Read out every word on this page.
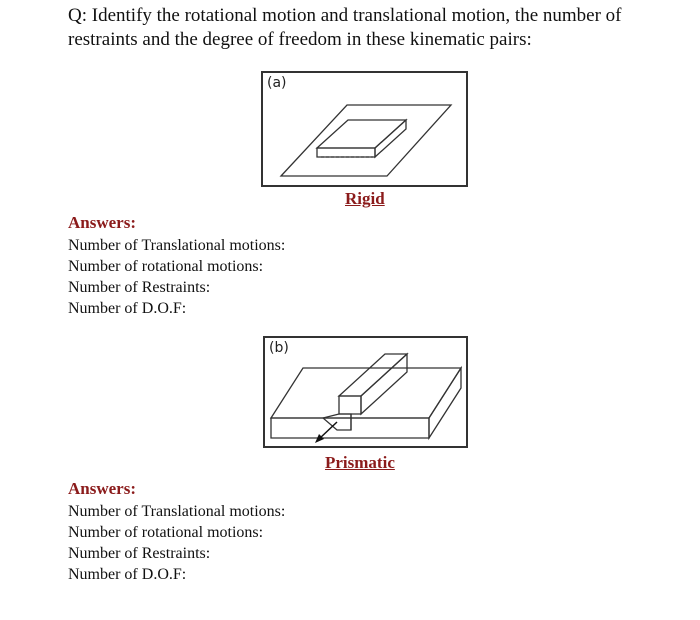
Q: Identify the rotational motion and translational motion, the number of restraints and the degree of freedom in these kinematic pairs:
(a)
Rigid
Answers:
Number of Translational motions:
Number of rotational motions:
Number of Restraints:
Number of D.O.F:
(b)
Prismatic
Answers:
Number of Translational motions:
Number of rotational motions:
Number of Restraints:
Number of D.O.F:
